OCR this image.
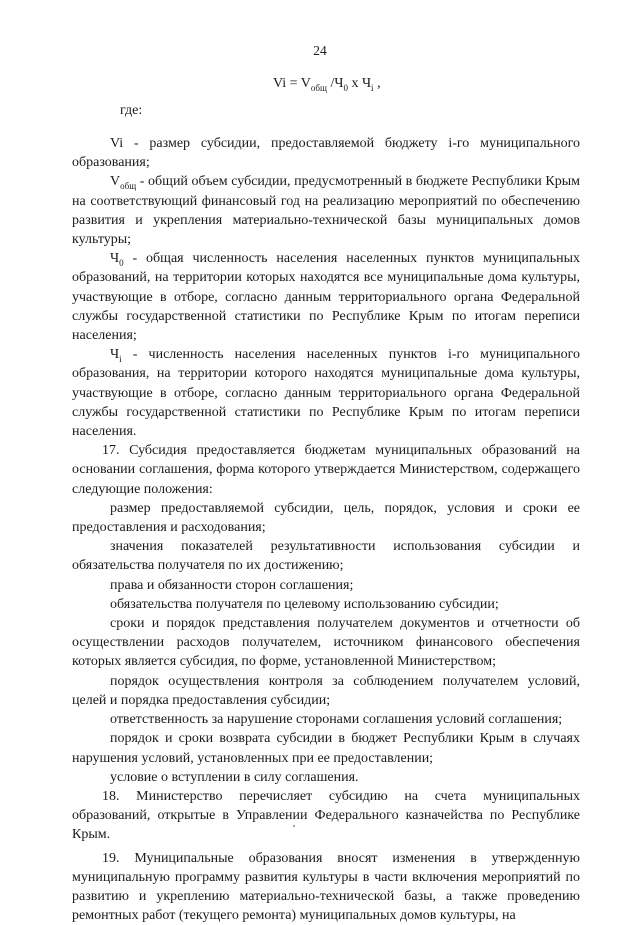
24
$Vi = V_{общ}$ $/Ч_0$ х $Ч_i$ ,
где:

Vi - размер субсидии, предоставляемой бюджету i-го муниципального образования;

$V_{общ}$ - общий объем субсидии, предусмотренный в бюджете Республики Крым на соответствующий финансовый год на реализацию мероприятий по обеспечению развития и укрепления материально-технической базы муниципальных домов культуры;

$Ч_0$ - общая численность населения населенных пунктов муниципальных образований, на территории которых находятся все муниципальные дома культуры, участвующие в отборе, согласно данным территориального органа Федеральной службы государственной статистики по Республике Крым по итогам переписи населения;

$Ч_i$ - численность населения населенных пунктов i-го муниципального образования, на территории которого находятся муниципальные дома культуры, участвующие в отборе, согласно данным территориального органа Федеральной службы государственной статистики по Республике Крым по итогам переписи населения.

17. Субсидия предоставляется бюджетам муниципальных образований на основании соглашения, форма которого утверждается Министерством, содержащего следующие положения:

размер предоставляемой субсидии, цель, порядок, условия и сроки ее предоставления и расходования;

значения показателей результативности использования субсидии и обязательства получателя по их достижению;

права и обязанности сторон соглашения;

обязательства получателя по целевому использованию субсидии;

сроки и порядок представления получателем документов и отчетности об осуществлении расходов получателем, источником финансового обеспечения которых является субсидия, по форме, установленной Министерством;

порядок осуществления контроля за соблюдением получателем условий, целей и порядка предоставления субсидии;

ответственность за нарушение сторонами соглашения условий соглашения;

порядок и сроки возврата субсидии в бюджет Республики Крым в случаях нарушения условий, установленных при ее предоставлении;

условие о вступлении в силу соглашения.

18. Министерство перечисляет субсидию на счета муниципальных образований, открытые в Управлении Федерального казначейства по Республике Крым.

19. Муниципальные образования вносят изменения в утвержденную муниципальную программу развития культуры в части включения мероприятий по развитию и укреплению материально-технической базы, а также проведению ремонтных работ (текущего ремонта) муниципальных домов культуры, на
